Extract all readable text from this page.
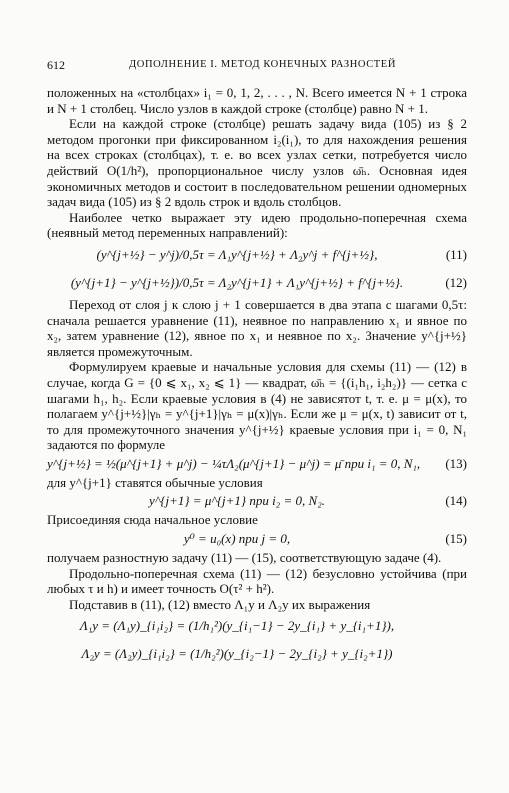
612	ДОПОЛНЕНИЕ I. МЕТОД КОНЕЧНЫХ РАЗНОСТЕЙ

положенных на «столбцах» i₁ = 0, 1, 2, . . . , N. Всего имеется N + 1 строка и N + 1 столбец. Число узлов в каждой строке (столбце) равно N + 1.

Если на каждой строке (столбце) решать задачу вида (105) из § 2 методом прогонки при фиксированном i₂(i₁), то для нахождения решения на всех строках (столбцах), т. е. во всех узлах сетки, потребуется число действий O(1/h²), пропорциональное числу узлов ω̄ₕ. Основная идея экономичных методов и состоит в последовательном решении одномерных задач вида (105) из § 2 вдоль строк и вдоль столбцов.

Наиболее четко выражает эту идею продольно-поперечная схема (неявный метод переменных направлений):

(y^{j+½} − y^j)/0,5τ = Λ₁y^{j+½} + Λ₂y^j + f^{j+½},	(11)
(y^{j+1} − y^{j+½})/0,5τ = Λ₂y^{j+1} + Λ₁y^{j+½} + f^{j+½}.	(12)

Переход от слоя j к слою j + 1 совершается в два этапа с шагами 0,5τ: сначала решается уравнение (11), неявное по направлению x₁ и явное по x₂, затем уравнение (12), явное по x₁ и неявное по x₂. Значение y^{j+½} является промежуточным.

Формулируем краевые и начальные условия для схемы (11) — (12) в случае, когда G = {0 ⩽ x₁, x₂ ⩽ 1} — квадрат, ω̄ₕ = {(i₁h₁, i₂h₂)} — сетка с шагами h₁, h₂. Если краевые условия в (4) не зависятот t, т. е. μ = μ(x), то полагаем y^{j+½}|γₕ = y^{j+1}|γₕ = μ(x)|γₕ. Если же μ = μ(x, t) зависит от t, то для промежуточного значения y^{j+½} краевые условия при i₁ = 0, N₁ задаются по формуле

y^{j+½} = ½(μ^{j+1} + μ^j) − ¼τΛ₂(μ^{j+1} − μ^j) = μ̄ при i₁ = 0, N₁,	(13)

для y^{j+1} ставятся обычные условия

y^{j+1} = μ^{j+1} при i₂ = 0, N₂.	(14)

Присоединяя сюда начальное условие

y⁰ = u₀(x) при j = 0,	(15)

получаем разностную задачу (11) — (15), соответствующую задаче (4).

Продольно-поперечная схема (11) — (12) безусловно устойчива (при любых τ и h) и имеет точность O(τ² + h²).

Подставив в (11), (12) вместо Λ₁y и Λ₂y их выражения

Λ₁y = (Λ₁y)_{i₁i₂} = (1/h₁²)(y_{i₁−1} − 2y_{i₁} + y_{i₁+1}),
Λ₂y = (Λ₂y)_{i₁i₂} = (1/h₂²)(y_{i₂−1} − 2y_{i₂} + y_{i₂+1})
